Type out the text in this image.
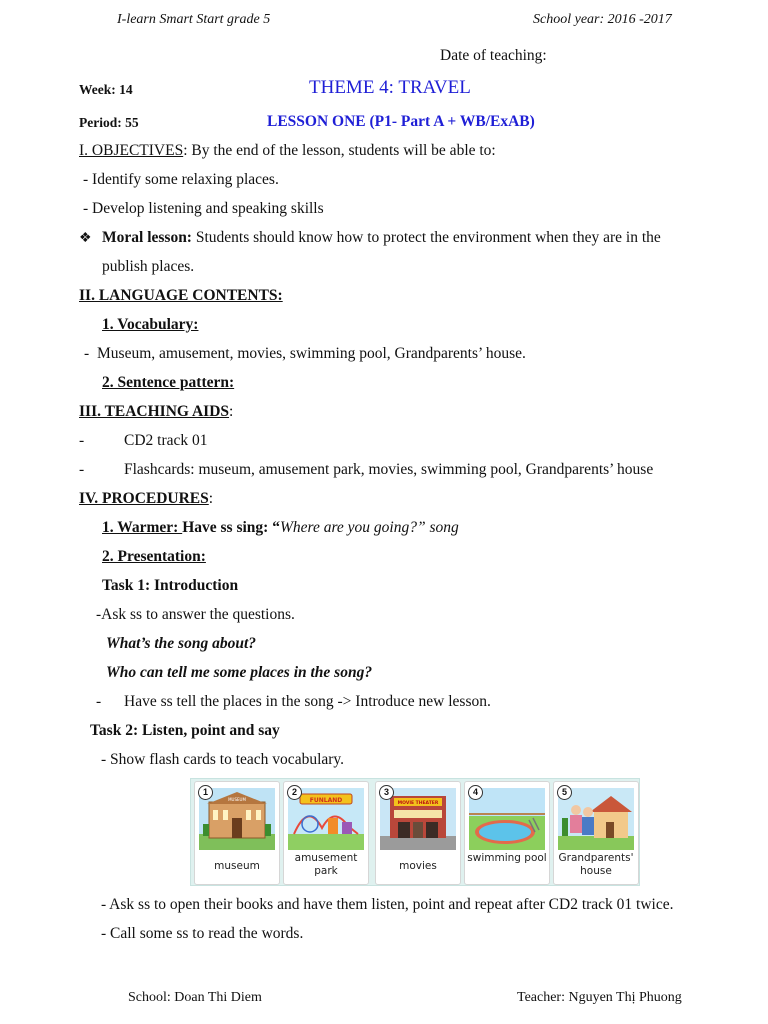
I-learn Smart Start grade 5	School year: 2016 -2017
Date of teaching:
Week: 14	THEME 4: TRAVEL
Period: 55	LESSON ONE (P1- Part A + WB/ExAB)
I. OBJECTIVES: By the end of the lesson, students will be able to:
- Identify some relaxing places.
- Develop listening and speaking skills
❖ Moral lesson: Students should know how to protect the environment when they are in the
publish places.
II. LANGUAGE CONTENTS:
1. Vocabulary:
- Museum, amusement, movies, swimming pool, Grandparents’ house.
2. Sentence pattern:
III. TEACHING AIDS:
-	CD2 track 01
-	Flashcards: museum, amusement park, movies, swimming pool, Grandparents’ house
IV. PROCEDURES:
1. Warmer: Have ss sing: “Where are you going?” song
2. Presentation:
Task 1: Introduction
-Ask ss to answer the questions.
What’s the song about?
Who can tell me some places in the song?
- Have ss tell the places in the song -> Introduce new lesson.
Task 2: Listen, point and say
- Show flash cards to teach vocabulary.
1
MUSEUM
museum
2
FUNLAND
amusement park
3
MOVIE THEATER
movies
4
swimming pool
5
Grandparents' house
- Ask ss to open their books and have them listen, point and repeat after CD2 track 01 twice.
- Call some ss to read the words.
School: Doan Thi Diem	Teacher: Nguyen Thị Phuong
